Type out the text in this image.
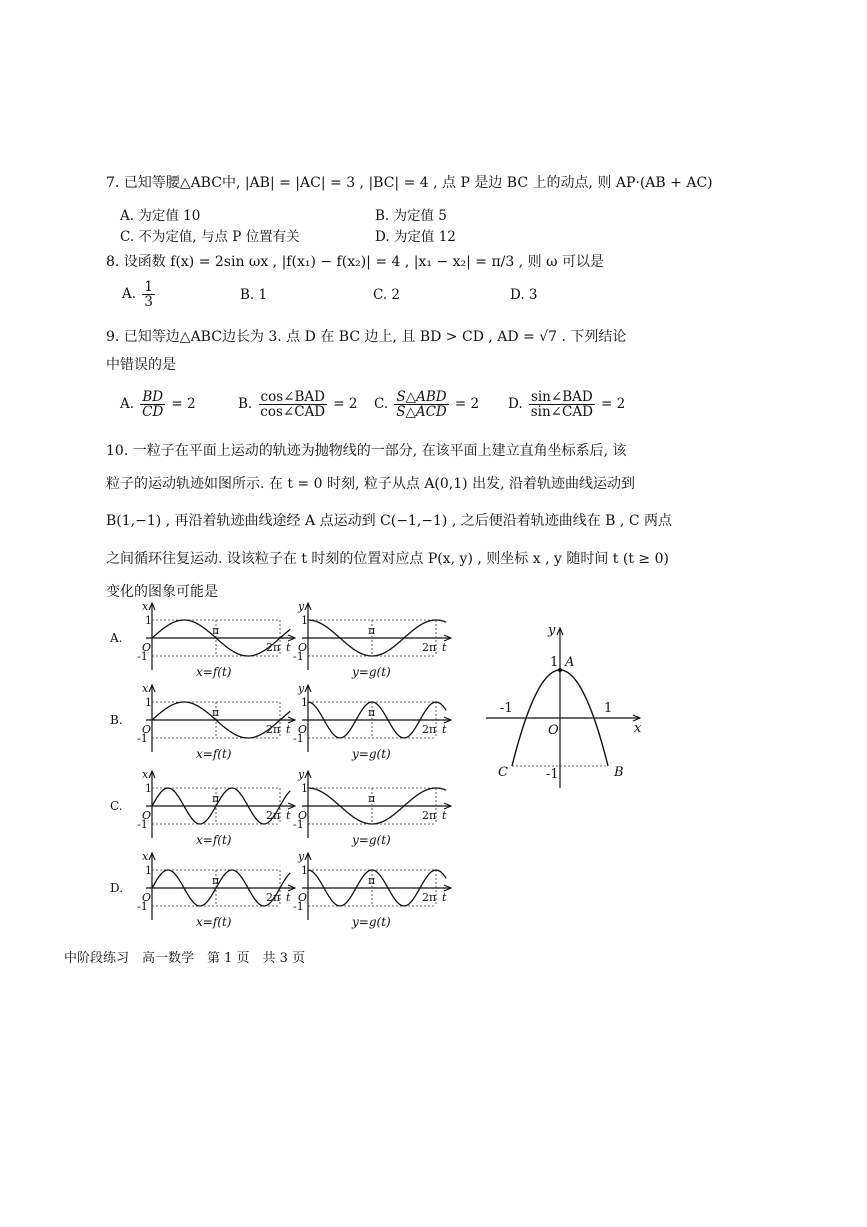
7. 已知等腰△ABC中, |AB| = |AC| = 3 , |BC| = 4 , 点 P 是边 BC 上的动点, 则 AP·(AB + AC)
A. 为定值 10	B. 为定值 5
C. 不为定值, 与点 P 位置有关	D. 为定值 12
8. 设函数 f(x) = 2sin ωx , |f(x₁) − f(x₂)| = 4 , |x₁ − x₂| = π/3 , 则 ω 可以是
A. $\frac{1}{3}$	B. 1	C. 2	D. 3
9. 已知等边△ABC边长为 3. 点 D 在 BC 边上, 且 BD > CD , AD = √7 . 下列结论
中错误的是
A. $\frac{BD}{CD} = 2$	B. $\frac{\text{cos∠BAD}}{\text{cos∠CAD}} = 2$ C. $\frac{\text{S△ABD}}{\text{S△ACD}} = 2$ D. $\frac{\text{sin∠BAD}}{\text{sin∠CAD}} = 2$
10. 一粒子在平面上运动的轨迹为抛物线的一部分, 在该平面上建立直角坐标系后, 该
粒子的运动轨迹如图所示. 在 t = 0 时刻, 粒子从点 A(0,1) 出发, 沿着轨迹曲线运动到
B(1,−1) , 再沿着轨迹曲线途经 A 点运动到 C(−1,−1) , 之后便沿着轨迹曲线在 B , C 两点
之间循环往复运动. 设该粒子在 t 时刻的位置对应点 P(x, y) , 则坐标 x , y 随时间 t (t ≥ 0)
变化的图象可能是
A.
x
1
-1
O
π
2π t
x=f(t)
y
1
-1
O
π
2π t
y=g(t)
B.
x
1
-1
O
π
2π t
x=f(t)
y
1
-1
O
π
2π t
y=g(t)
C.
x
1
-1
O
π
2π t
x=f(t)
y
1
-1
O
π
2π t
y=g(t)
D.
x
1
-1
O
π
2π t
x=f(t)
y
1
-1
O
π
2π t
y=g(t)
A
1
B
C
1
-1
O
-1
y
x
中阶段练习　高一数学　第 1 页　共 3 页
